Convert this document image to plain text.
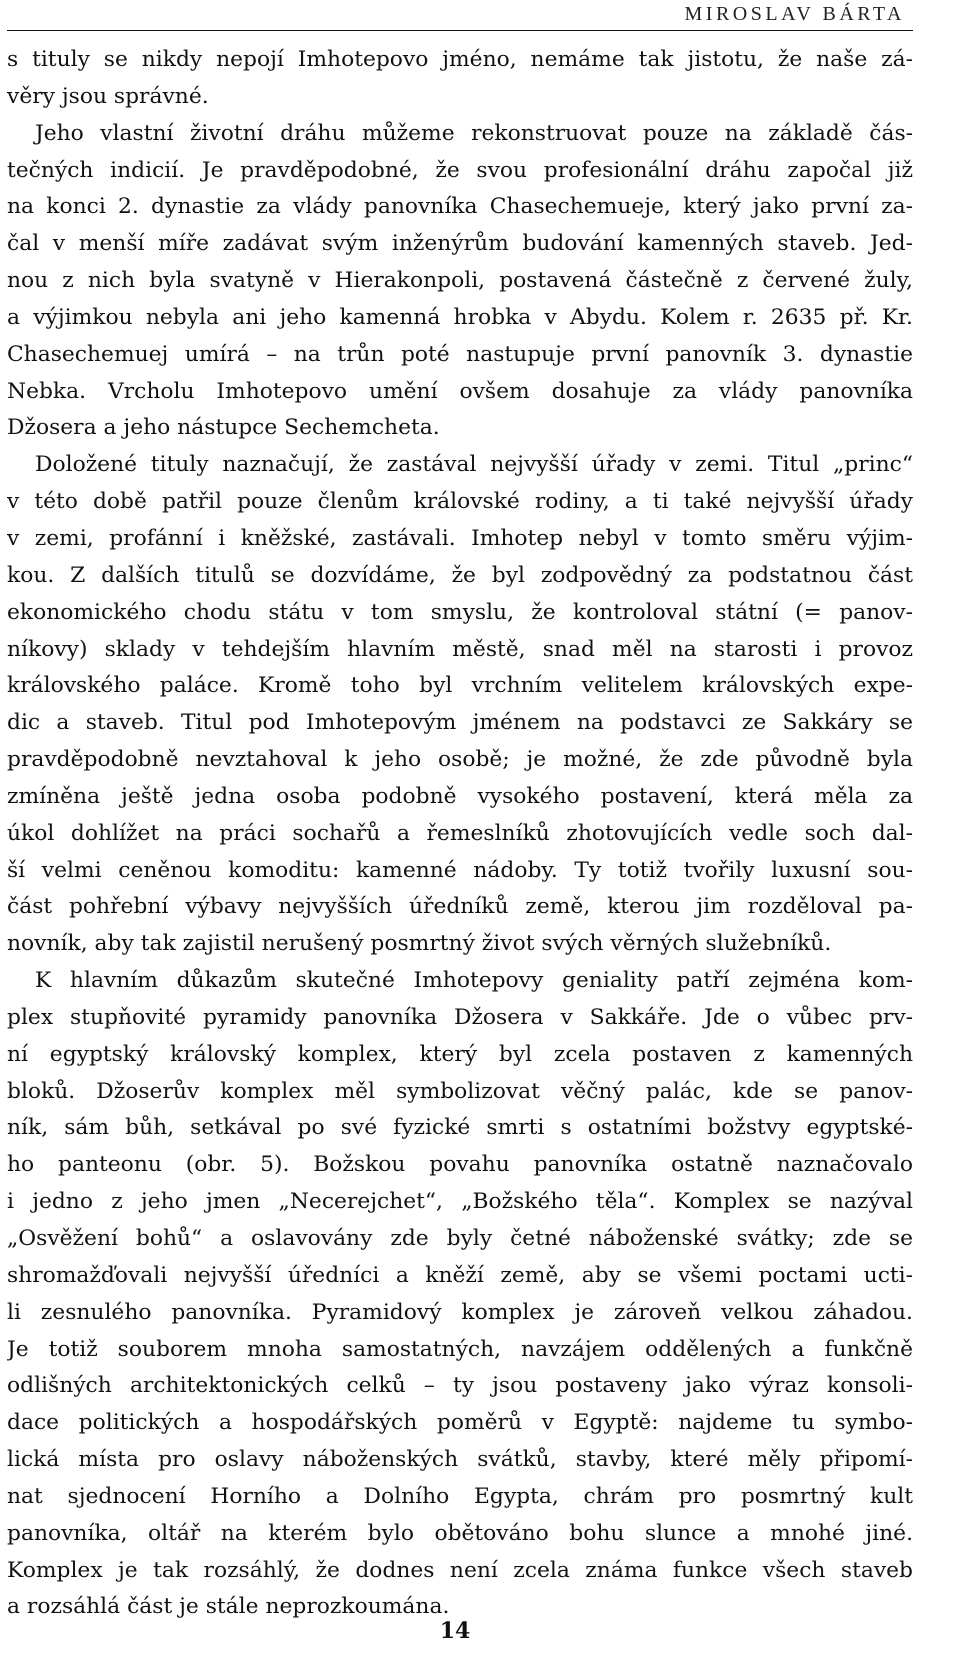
MIROSLAV BÁRTA
s tituly se nikdy nepojí Imhotepovo jméno, nemáme tak jistotu, že naše zá-
věry jsou správné.
Jeho vlastní životní dráhu můžeme rekonstruovat pouze na základě čás-
tečných indicií. Je pravděpodobné, že svou profesionální dráhu započal již
na konci 2. dynastie za vlády panovníka Chasechemueje, který jako první za-
čal v menší míře zadávat svým inženýrům budování kamenných staveb. Jed-
nou z nich byla svatyně v Hierakonpoli, postavená částečně z červené žuly,
a výjimkou nebyla ani jeho kamenná hrobka v Abydu. Kolem r. 2635 př. Kr.
Chasechemuej umírá – na trůn poté nastupuje první panovník 3. dynastie
Nebka. Vrcholu Imhotepovo umění ovšem dosahuje za vlády panovníka
Džosera a jeho nástupce Sechemcheta.
Doložené tituly naznačují, že zastával nejvyšší úřady v zemi. Titul „princ“
v této době patřil pouze členům královské rodiny, a ti také nejvyšší úřady
v zemi, profánní i kněžské, zastávali. Imhotep nebyl v tomto směru výjim-
kou. Z dalších titulů se dozvídáme, že byl zodpovědný za podstatnou část
ekonomického chodu státu v tom smyslu, že kontroloval státní (= panov-
níkovy) sklady v tehdejším hlavním městě, snad měl na starosti i provoz
královského paláce. Kromě toho byl vrchním velitelem královských expe-
dic a staveb. Titul pod Imhotepovým jménem na podstavci ze Sakkáry se
pravděpodobně nevztahoval k jeho osobě; je možné, že zde původně byla
zmíněna ještě jedna osoba podobně vysokého postavení, která měla za
úkol dohlížet na práci sochařů a řemeslníků zhotovujících vedle soch dal-
ší velmi ceněnou komoditu: kamenné nádoby. Ty totiž tvořily luxusní sou-
část pohřební výbavy nejvyšších úředníků země, kterou jim rozděloval pa-
novník, aby tak zajistil nerušený posmrtný život svých věrných služebníků.
K hlavním důkazům skutečné Imhotepovy geniality patří zejména kom-
plex stupňovité pyramidy panovníka Džosera v Sakkáře. Jde o vůbec prv-
ní egyptský královský komplex, který byl zcela postaven z kamenných
bloků. Džoserův komplex měl symbolizovat věčný palác, kde se panov-
ník, sám bůh, setkával po své fyzické smrti s ostatními božstvy egyptské-
ho panteonu (obr. 5). Božskou povahu panovníka ostatně naznačovalo
i jedno z jeho jmen „Necerejchet“, „Božského těla“. Komplex se nazýval
„Osvěžení bohů“ a oslavovány zde byly četné náboženské svátky; zde se
shromažďovali nejvyšší úředníci a kněží země, aby se všemi poctami ucti-
li zesnulého panovníka. Pyramidový komplex je zároveň velkou záhadou.
Je totiž souborem mnoha samostatných, navzájem oddělených a funkčně
odlišných architektonických celků – ty jsou postaveny jako výraz konsoli-
dace politických a hospodářských poměrů v Egyptě: najdeme tu symbo-
lická místa pro oslavy náboženských svátků, stavby, které měly připomí-
nat sjednocení Horního a Dolního Egypta, chrám pro posmrtný kult
panovníka, oltář na kterém bylo obětováno bohu slunce a mnohé jiné.
Komplex je tak rozsáhlý, že dodnes není zcela známa funkce všech staveb
a rozsáhlá část je stále neprozkoumána.
14
